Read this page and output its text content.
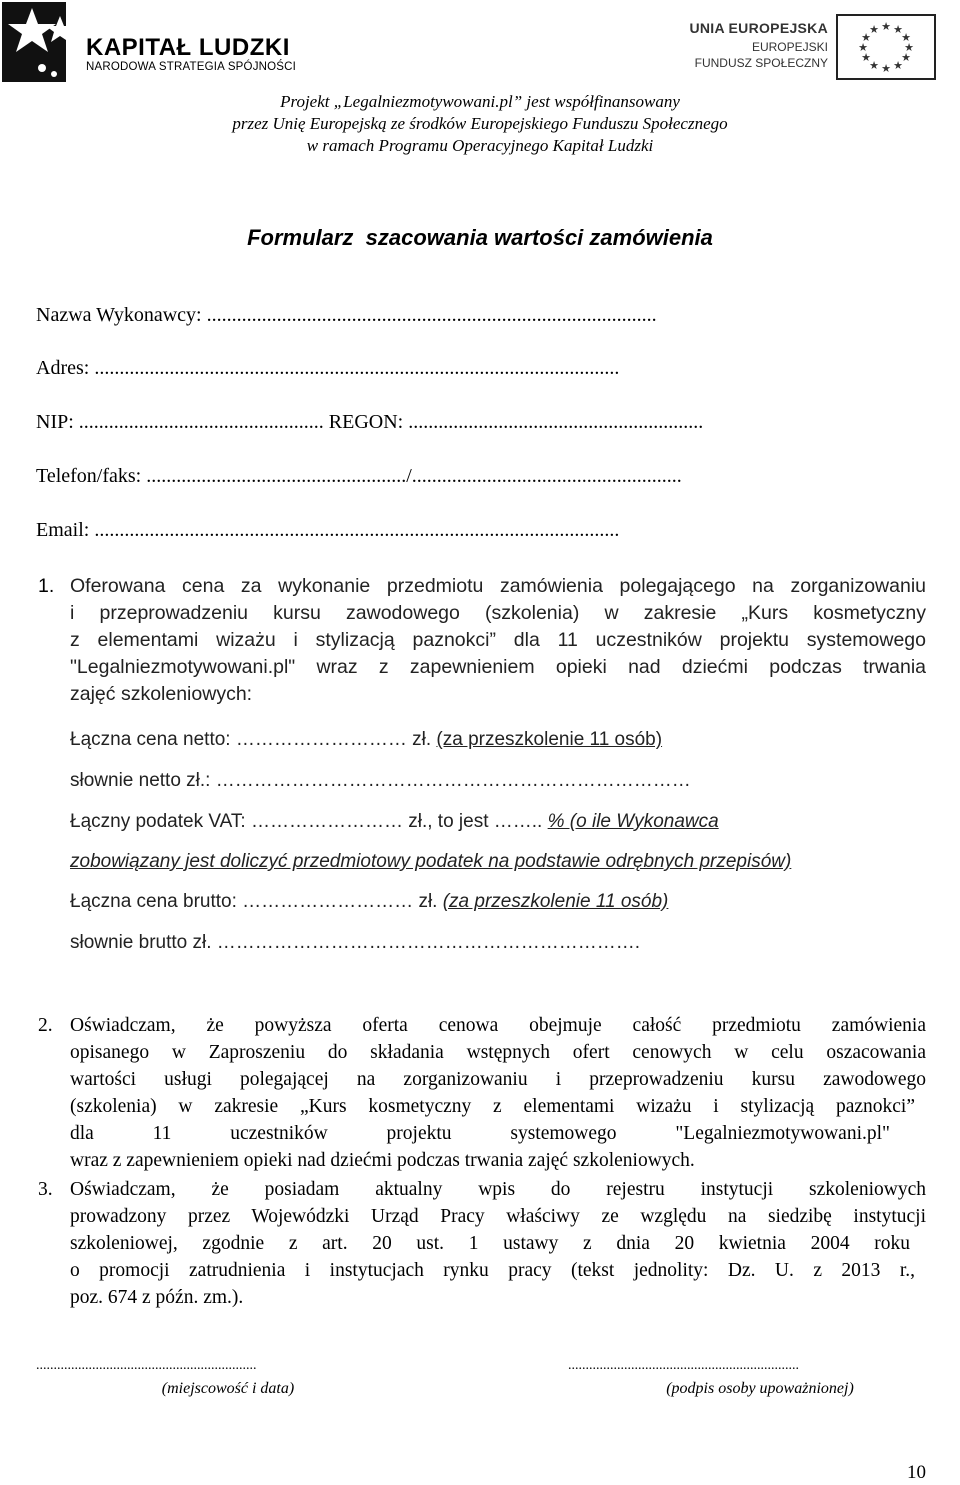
KAPITAŁ LUDZKI
NARODOWA STRATEGIA SPÓJNOŚCI
UNIA EUROPEJSKA
EUROPEJSKI
FUNDUSZ SPOŁECZNY
★ ★
★
★
★
★
★
★
★
★
★
★
Projekt „Legalniezmotywowani.pl” jest współfinansowany
przez Unię Europejską ze środków Europejskiego Funduszu Społecznego
w ramach Programu Operacyjnego Kapitał Ludzki
Formularz  szacowania wartości zamówienia
Nazwa Wykonawcy: ..........................................................................................
Adres: .........................................................................................................
NIP: ................................................. REGON: ...........................................................
Telefon/faks: ..................................................../......................................................
Email: .........................................................................................................
1. Oferowana cena za wykonanie przedmiotu zamówienia polegającego na zorganizowaniu
i przeprowadzeniu kursu zawodowego (szkolenia) w zakresie „Kurs kosmetyczny
z elementami wizażu i stylizacją paznokci” dla 11 uczestników projektu systemowego
"Legalniezmotywowani.pl" wraz z zapewnieniem opieki nad dziećmi podczas trwania
zajęć szkoleniowych:
Łączna cena netto: ……………………… zł. (za przeszkolenie 11 osób)
słownie netto zł.: …………………………………………………………………
Łączny podatek VAT: …………………… zł., to jest …….. % (o ile Wykonawca
zobowiązany jest doliczyć przedmiotowy podatek na podstawie odrębnych przepisów)
Łączna cena brutto: ……………………… zł. (za przeszkolenie 11 osób)
słownie brutto zł. ………………………………………………………….
2. Oświadczam, że powyższa oferta cenowa obejmuje całość przedmiotu zamówienia
opisanego w Zaproszeniu do składania wstępnych ofert cenowych w celu oszacowania
wartości usługi polegającej na zorganizowaniu i przeprowadzeniu kursu zawodowego
(szkolenia) w zakresie „Kurs kosmetyczny z elementami wizażu i stylizacją paznokci”
dla 11 uczestników projektu systemowego "Legalniezmotywowani.pl"
wraz z zapewnieniem opieki nad dziećmi podczas trwania zajęć szkoleniowych.
3. Oświadczam, że posiadam aktualny wpis do rejestru instytucji szkoleniowych
prowadzony przez Wojewódzki Urząd Pracy właściwy ze względu na siedzibę instytucji
szkoleniowej, zgodnie z art. 20 ust. 1 ustawy z dnia 20 kwietnia 2004 roku
o promocji zatrudnienia i instytucjach rynku pracy (tekst jednolity: Dz. U. z 2013 r.,
poz. 674 z późn. zm.).
...............................................................
(miejscowość i data)
..................................................................
(podpis osoby upoważnionej)
10
